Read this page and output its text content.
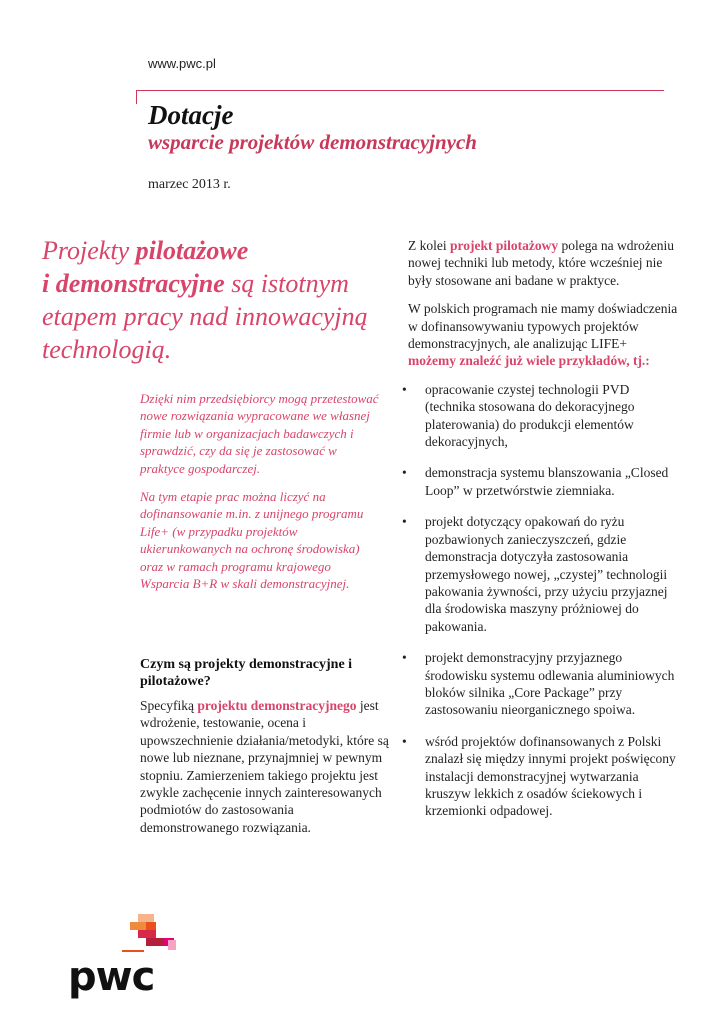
www.pwc.pl
Dotacje
wsparcie projektów demonstracyjnych
marzec 2013 r.
Projekty pilotażowe
i demonstracyjne są istotnym etapem pracy nad innowacyjną technologią.

Dzięki nim przedsiębiorcy mogą przetestować nowe rozwiązania wypracowane we własnej firmie lub w organizacjach badawczych i sprawdzić, czy da się je zastosować w praktyce gospodarczej.

Na tym etapie prac można liczyć na dofinansowanie m.in. z unijnego programu Life+ (w przypadku projektów ukierunkowanych na ochronę środowiska) oraz w ramach programu krajowego Wsparcia B+R w skali demonstracyjnej.

Czym są projekty demonstracyjne i pilotażowe?
Specyfiką projektu demonstracyjnego jest wdrożenie, testowanie, ocena i upowszechnienie działania/metodyki, które są nowe lub nieznane, przynajmniej w pewnym stopniu. Zamierzeniem takiego projektu jest zwykle zachęcenie innych zainteresowanych podmiotów do zastosowania demonstrowanego rozwiązania.

Z kolei projekt pilotażowy polega na wdrożeniu nowej techniki lub metody, które wcześniej nie były stosowane ani badane w praktyce.

W polskich programach nie mamy doświadczenia w dofinansowywaniu typowych projektów demonstracyjnych, ale analizując LIFE+ możemy znaleźć już wiele przykładów, tj.:

• opracowanie czystej technologii PVD (technika stosowana do dekoracyjnego platerowania) do produkcji elementów dekoracyjnych,
• demonstracja systemu blanszowania „Closed Loop” w przetwórstwie ziemniaka.
• projekt dotyczący opakowań do ryżu pozbawionych zanieczyszczeń, gdzie demonstracja dotyczyła zastosowania przemysłowego nowej, „czystej” technologii pakowania żywności, przy użyciu przyjaznej dla środowiska maszyny próżniowej do pakowania.
• projekt demonstracyjny przyjaznego środowisku systemu odlewania aluminiowych bloków silnika „Core Package” przy zastosowaniu nieorganicznego spoiwa.
• wśród projektów dofinansowanych z Polski znalazł się między innymi projekt poświęcony instalacji demonstracyjnej wytwarzania kruszyw lekkich z osadów ściekowych i krzemionki odpadowej.
pwc
